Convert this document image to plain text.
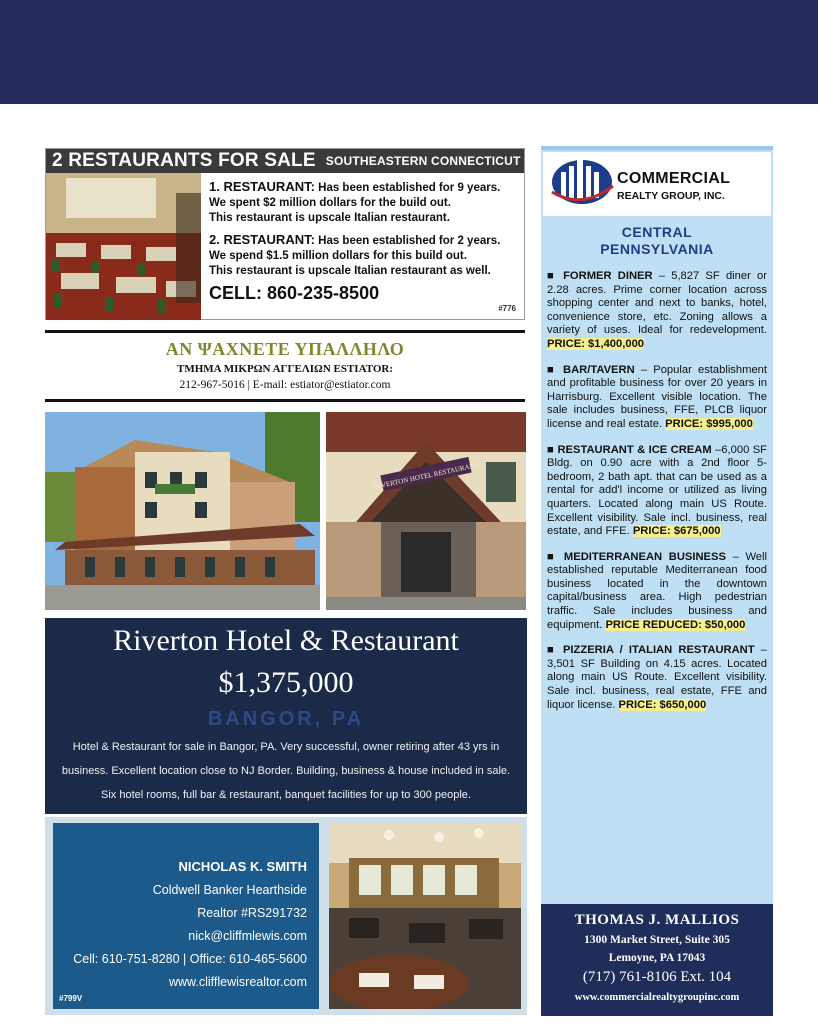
2 RESTAURANTS FOR SALE SOUTHEASTERN CONNECTICUT

1. RESTAURANT: Has been established for 9 years.

We spent $2 million dollars for the build out.

This restaurant is upscale Italian restaurant.

2. RESTAURANT: Has been established for 2 years.

We spend $1.5 million dollars for this build out.

This restaurant is upscale Italian restaurant as well.

CELL: 860-235-8500
#776
ΑΝ ΨΑΧΝΕΤΕ ΥΠΑΛΛΗΛΟ
ΤΜΗΜΑ ΜΙΚΡΩΝ ΑΓΓΕΛΙΩΝ ESTIATOR:
212-967-5016 | E-mail: estiator@estiator.com
RIVERTON HOTEL RESTAURANT
Riverton Hotel & Restaurant
$1,375,000
BANGOR, PA
Hotel & Restaurant for sale in Bangor, PA. Very successful, owner retiring after 43 yrs in
business. Excellent location close to NJ Border. Building, business & house included in sale.
Six hotel rooms, full bar & restaurant, banquet facilities for up to 300 people.
NICHOLAS K. SMITH
Coldwell Banker Hearthside
Realtor #RS291732
nick@cliffmlewis.com
Cell: 610-751-8280 | Office: 610-465-5600
www.clifflewisrealtor.com
#799V
COMMERCIAL
REALTY GROUP, INC.
CENTRAL
PENNSYLVANIA
■ FORMER DINER – 5,827 SF diner or 2.28 acres. Prime corner location across shopping center and next to banks, hotel, convenience store, etc. Zoning allows a variety of uses. Ideal for redevelopment. PRICE: $1,400,000
■ BAR/TAVERN – Popular establishment and profitable business for over 20 years in Harrisburg. Excellent visible location. The sale includes business, FFE, PLCB liquor license and real estate. PRICE: $995,000
■ RESTAURANT & ICE CREAM –6,000 SF Bldg. on 0.90 acre with a 2nd floor 5-bedroom, 2 bath apt. that can be used as a rental for add'l income or utilized as living quarters. Located along main US Route. Excellent visibility. Sale incl. business, real estate, and FFE. PRICE: $675,000
■ MEDITERRANEAN BUSINESS – Well established reputable Mediterranean food business located in the downtown capital/business area. High pedestrian traffic. Sale includes business and equipment. PRICE REDUCED: $50,000
■ PIZZERIA / ITALIAN RESTAURANT –3,501 SF Building on 4.15 acres. Located along main US Route. Excellent visibility. Sale incl. business, real estate, FFE and liquor license. PRICE: $650,000
THOMAS J. MALLIOS
1300 Market Street, Suite 305
Lemoyne, PA 17043
(717) 761-8106 Ext. 104
www.commercialrealtygroupinc.com
